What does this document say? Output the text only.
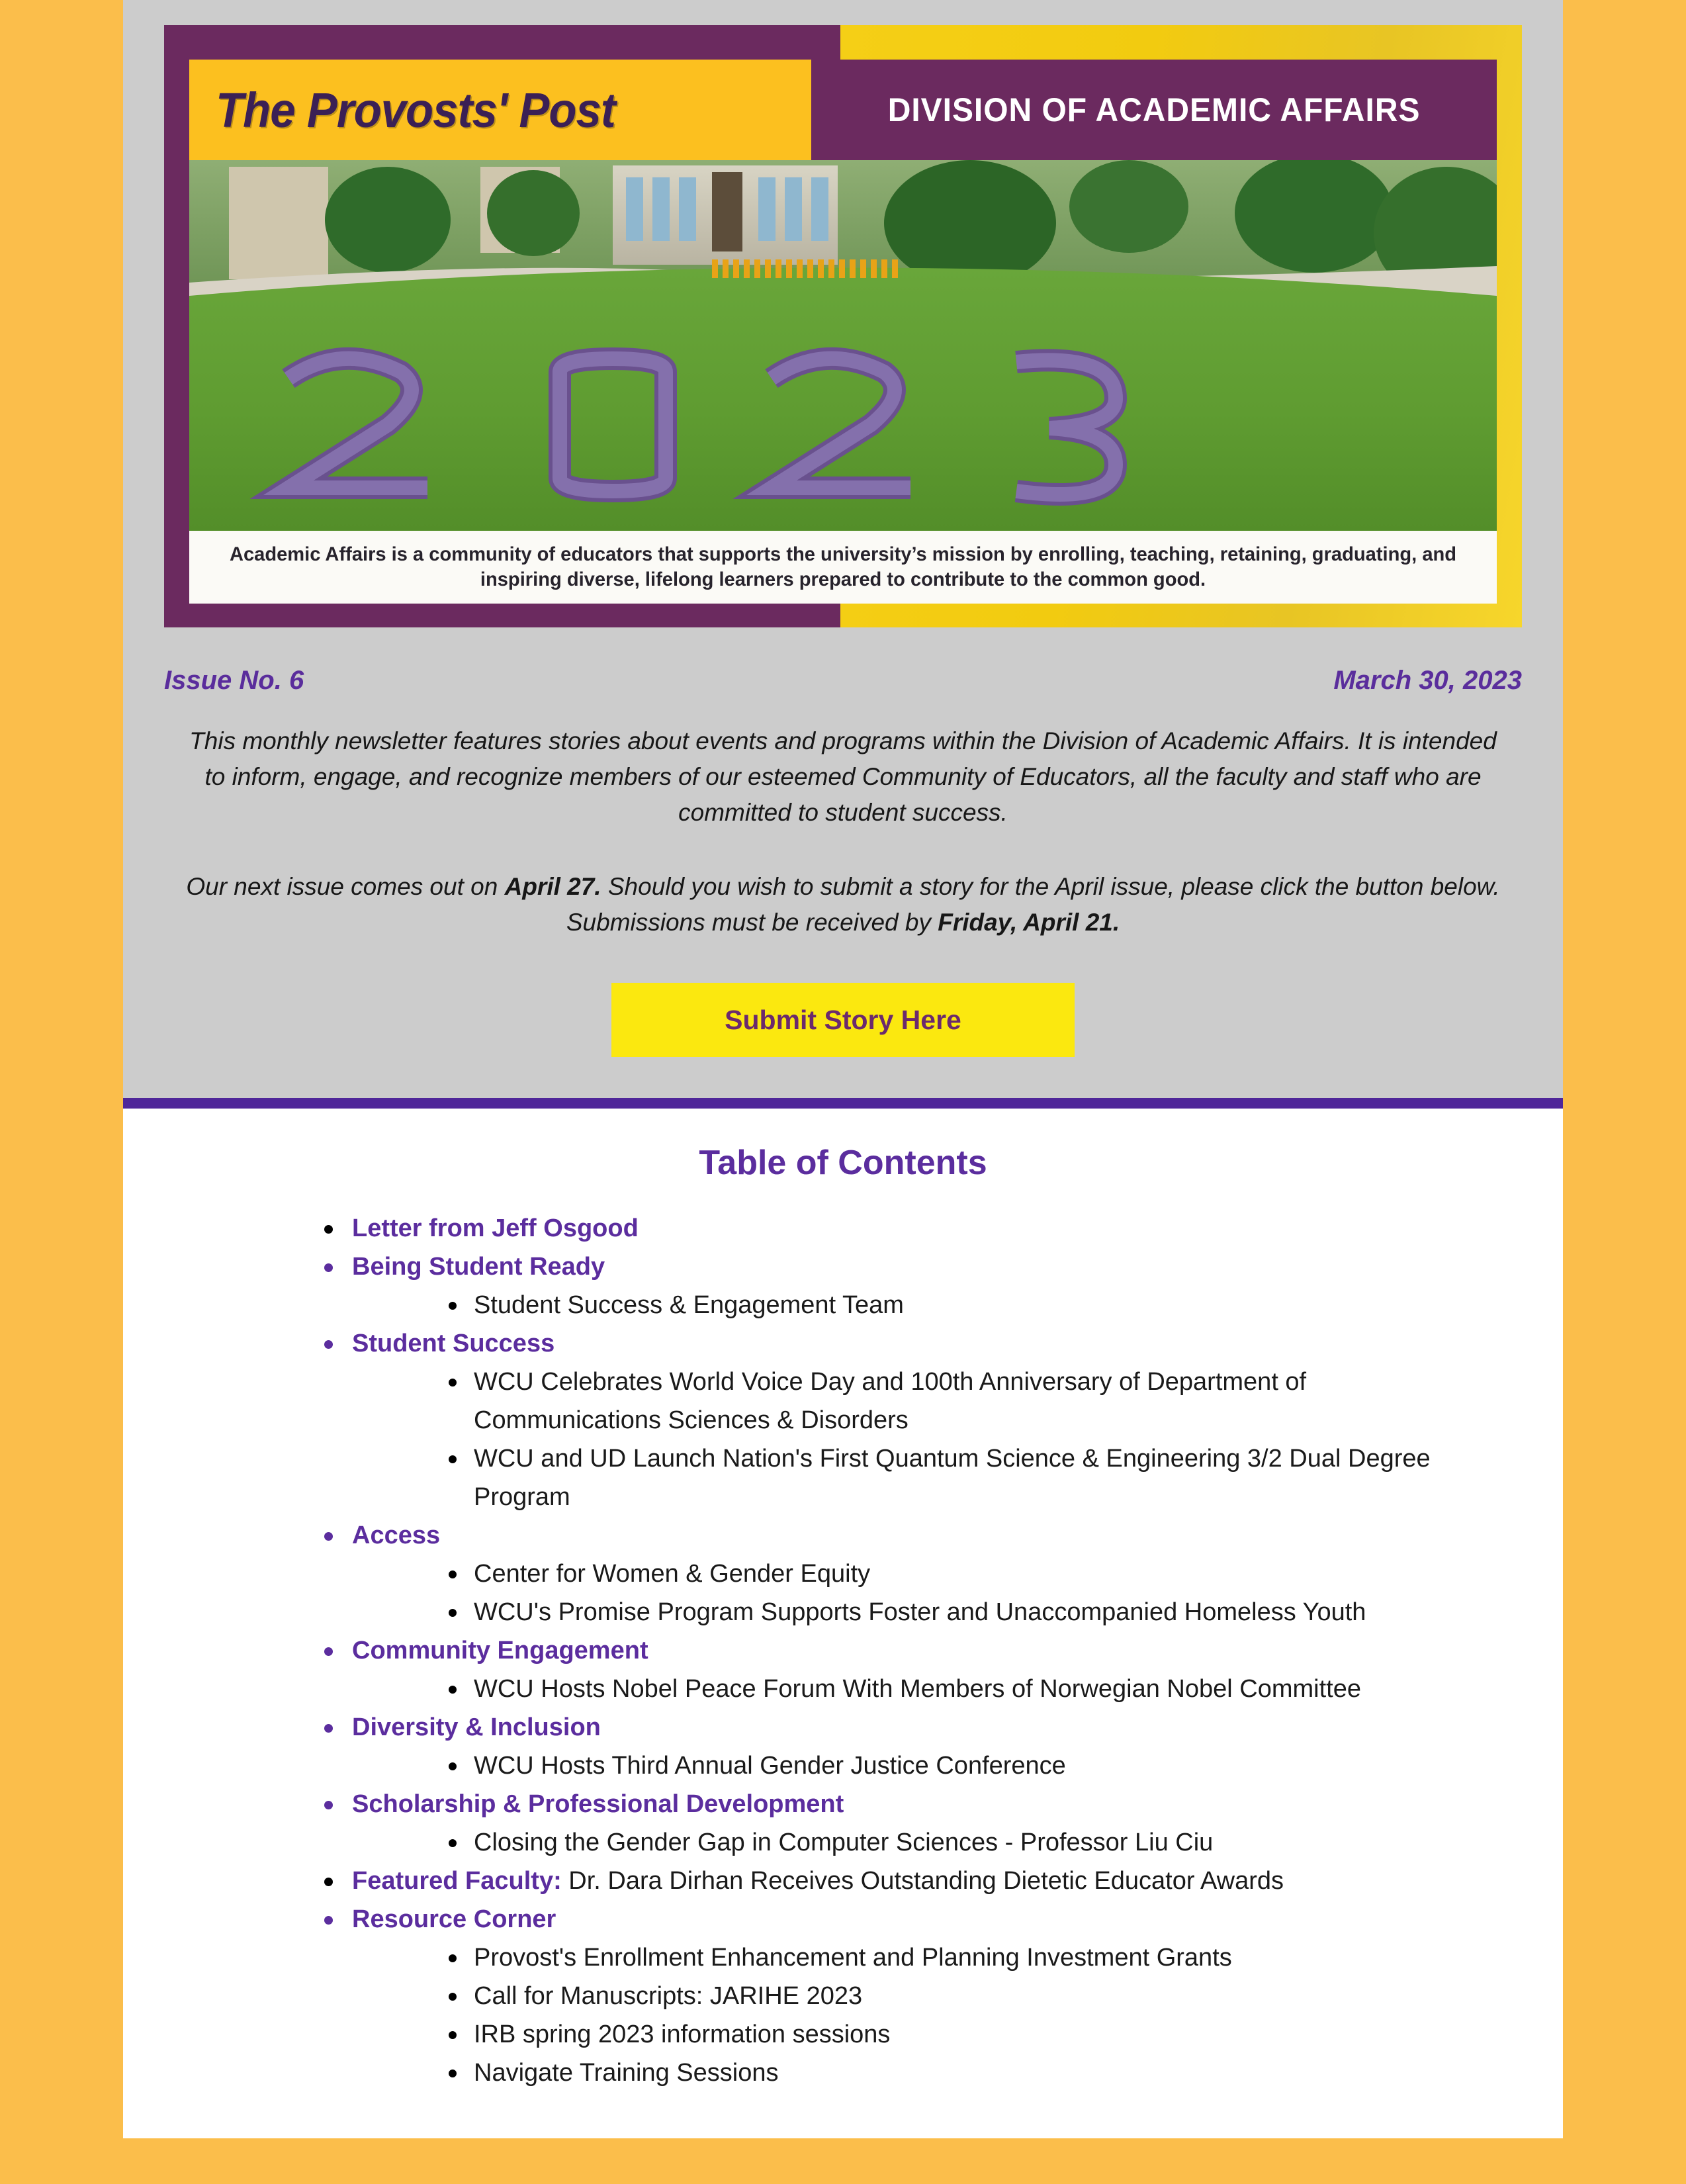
The Provosts' Post	DIVISION OF ACADEMIC AFFAIRS
Academic Affairs is a community of educators that supports the university’s mission by enrolling, teaching, retaining, graduating, and inspiring diverse, lifelong learners prepared to contribute to the common good.
Issue No. 6	March 30, 2023

This monthly newsletter features stories about events and programs within the Division of Academic Affairs. It is intended to inform, engage, and recognize members of our esteemed Community of Educators, all the faculty and staff who are committed to student success.

Our next issue comes out on April 27. Should you wish to submit a story for the April issue, please click the button below. Submissions must be received by Friday, April 21.

Submit Story Here
Table of Contents
Letter from Jeff Osgood
Being Student Ready
Student Success & Engagement Team
Student Success
WCU Celebrates World Voice Day and 100th Anniversary of Department of Communications Sciences & Disorders
WCU and UD Launch Nation's First Quantum Science & Engineering 3/2 Dual Degree Program
Access
Center for Women & Gender Equity
WCU's Promise Program Supports Foster and Unaccompanied Homeless Youth
Community Engagement
WCU Hosts Nobel Peace Forum With Members of Norwegian Nobel Committee
Diversity & Inclusion
WCU Hosts Third Annual Gender Justice Conference
Scholarship & Professional Development
Closing the Gender Gap in Computer Sciences - Professor Liu Ciu
Featured Faculty: Dr. Dara Dirhan Receives Outstanding Dietetic Educator Awards
Resource Corner
Provost's Enrollment Enhancement and Planning Investment Grants
Call for Manuscripts: JARIHE 2023
IRB spring 2023 information sessions
Navigate Training Sessions
